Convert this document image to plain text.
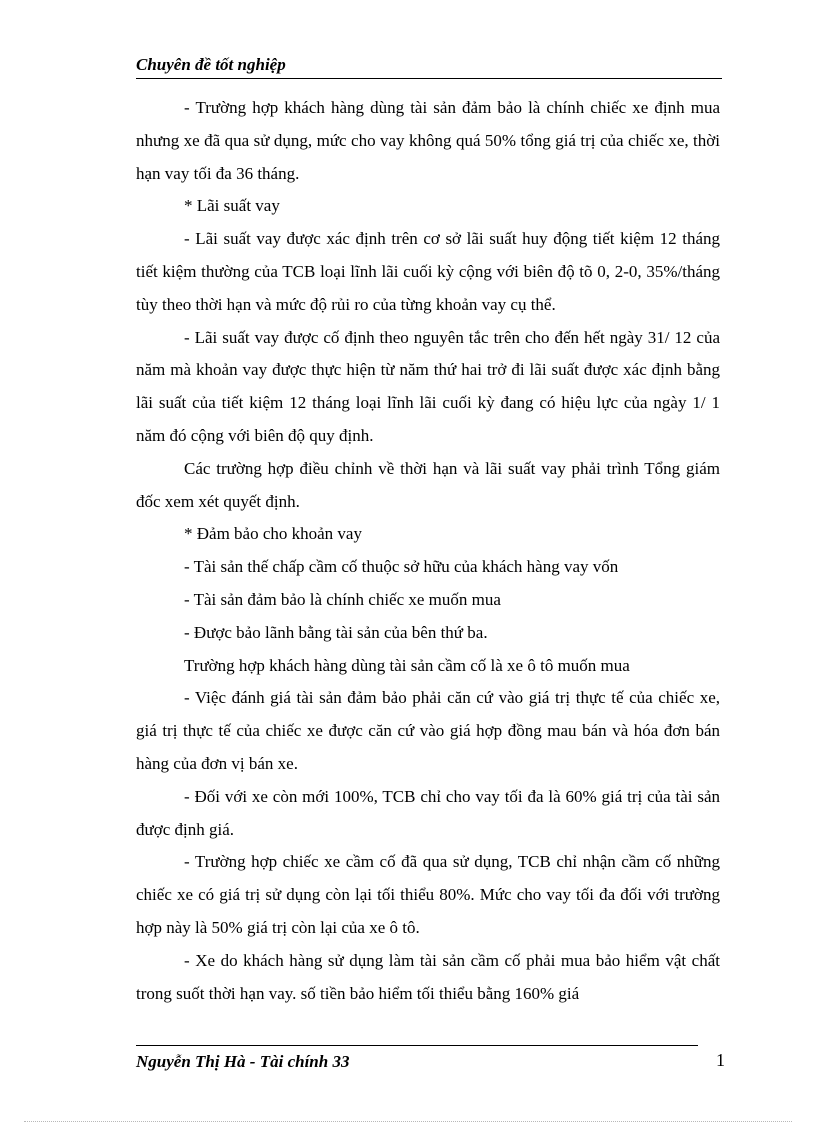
Chuyên đề tốt nghiệp

- Trường hợp khách hàng dùng tài sản đảm bảo là chính chiếc xe định mua nhưng xe đã qua sử dụng, mức cho vay không quá 50% tổng giá trị của chiếc xe, thời hạn vay tối đa 36 tháng.

* Lãi suất vay

- Lãi suất vay được xác định trên cơ sở lãi suất huy động tiết kiệm 12 tháng tiết kiệm thường của TCB loại lĩnh lãi cuối kỳ cộng với biên độ tõ 0, 2-0, 35%/tháng tùy theo thời hạn và mức độ rủi ro của từng khoản vay cụ thể.

- Lãi suất vay được cố định theo nguyên tắc trên cho đến hết ngày 31/ 12 của năm mà khoản vay được thực hiện từ năm thứ hai trở đi lãi suất được xác định bằng lãi suất của tiết kiệm 12 tháng loại lĩnh lãi cuối kỳ đang có hiệu lực của ngày 1/ 1 năm đó cộng với biên độ quy định.

Các trường hợp điều chỉnh về thời hạn và lãi suất vay phải trình Tổng giám đốc xem xét quyết định.

* Đảm bảo cho khoản vay

- Tài sản thế chấp cầm cố thuộc sở hữu của khách hàng vay vốn

- Tài sản đảm bảo là chính chiếc xe muốn mua

- Được bảo lãnh bằng tài sản của bên thứ ba.

Trường hợp khách hàng dùng tài sản cầm cố là xe ô tô muốn mua

- Việc đánh giá tài sản đảm bảo phải căn cứ vào giá trị thực tế của chiếc xe, giá trị thực tế của chiếc xe được căn cứ vào giá hợp đồng mau bán và hóa đơn bán hàng của đơn vị bán xe.

- Đối với xe còn mới 100%, TCB chỉ cho vay tối đa là 60% giá trị của tài sản được định giá.

- Trường hợp chiếc xe cầm cố đã qua sử dụng, TCB chỉ nhận cầm cố những chiếc xe có giá trị sử dụng còn lại tối thiểu 80%. Mức cho vay tối đa đối với trường hợp này là 50% giá trị còn lại của xe ô tô.

- Xe do khách hàng sử dụng làm tài sản cầm cố phải mua bảo hiểm vật chất trong suốt thời hạn vay. số tiền bảo hiểm tối thiểu bằng 160% giá

Nguyễn Thị Hà - Tài chính 33	1
